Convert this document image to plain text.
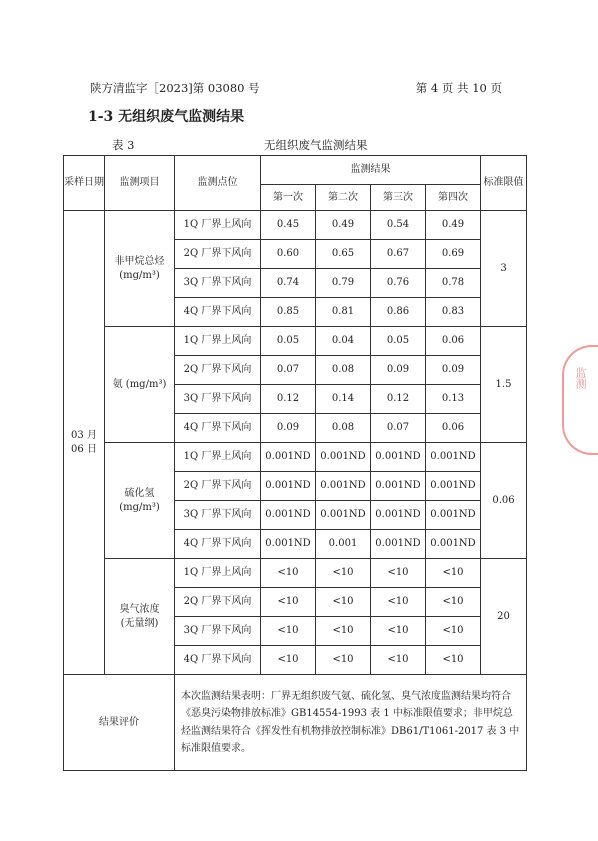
陕方清监字［2023]第 03080 号	第 4 页 共 10 页
1-3 无组织废气监测结果
表 3	无组织废气监测结果
采样日期	监测项目	监测点位	监测结果				标准限值
			第一次	第二次	第三次	第四次	
03 月 06 日	非甲烷总烃 (mg/m³)	1Q 厂界上风向	0.45	0.49	0.54	0.49	3
		2Q 厂界下风向	0.60	0.65	0.67	0.69	
		3Q 厂界下风向	0.74	0.79	0.76	0.78	
		4Q 厂界下风向	0.85	0.81	0.86	0.83	
	氨 (mg/m³)	1Q 厂界上风向	0.05	0.04	0.05	0.06	1.5
		2Q 厂界下风向	0.07	0.08	0.09	0.09	
		3Q 厂界下风向	0.12	0.14	0.12	0.13	
		4Q 厂界下风向	0.09	0.08	0.07	0.06	
	硫化氢 (mg/m³)	1Q 厂界上风向	0.001ND	0.001ND	0.001ND	0.001ND	0.06
		2Q 厂界下风向	0.001ND	0.001ND	0.001ND	0.001ND	
		3Q 厂界下风向	0.001ND	0.001ND	0.001ND	0.001ND	
		4Q 厂界下风向	0.001ND	0.001	0.001ND	0.001ND	
	臭气浓度 (无量纲)	1Q 厂界上风向	<10	<10	<10	<10	20
		2Q 厂界下风向	<10	<10	<10	<10	
		3Q 厂界下风向	<10	<10	<10	<10	
		4Q 厂界下风向	<10	<10	<10	<10	
结果评价		本次监测结果表明：厂界无组织废气氨、硫化氢、臭气浓度监测结果均符合《恶臭污染物排放标准》GB14554-1993 表 1 中标准限值要求；非甲烷总烃监测结果符合《挥发性有机物排放控制标准》DB61/T1061-2017 表 3 中标准限值要求。					
监测
